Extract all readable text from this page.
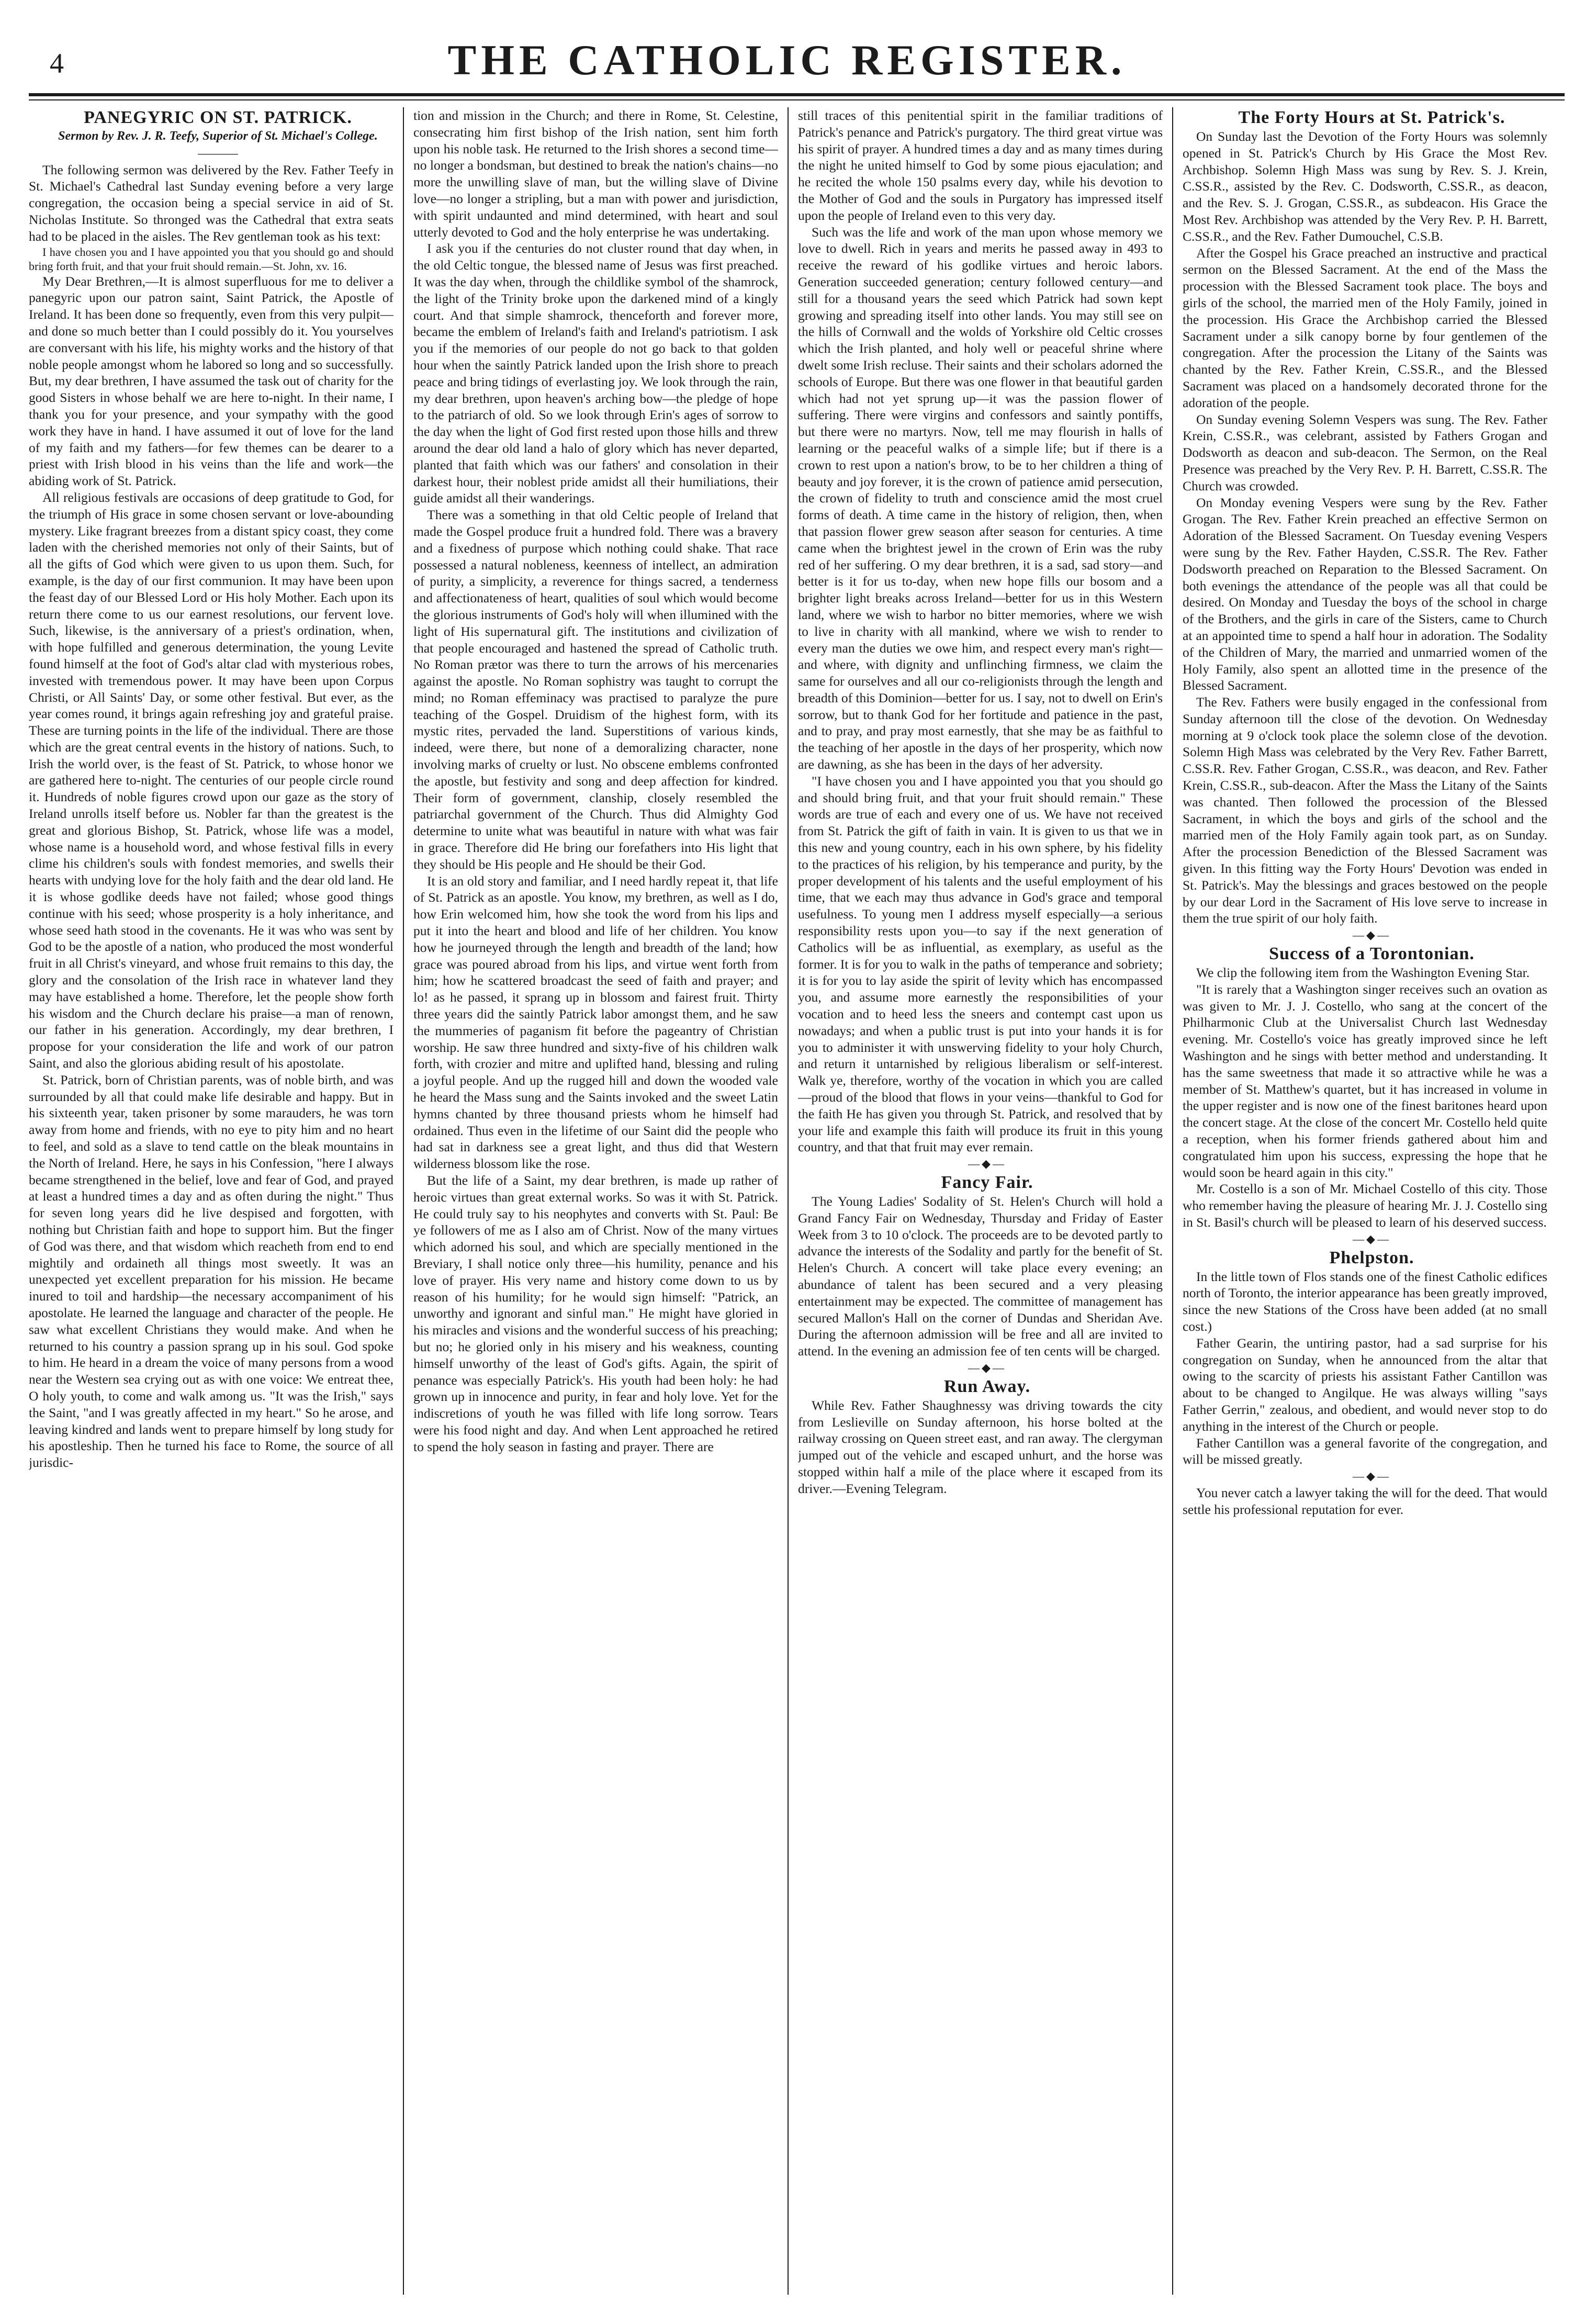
4	THE CATHOLIC REGISTER.

PANEGYRIC ON ST. PATRICK.

Sermon by Rev. J. R. Teefy, Superior of St. Michael's College.

———

The following sermon was delivered by the Rev. Father Teefy in St. Michael's Cathedral last Sunday evening before a very large congregation, the occasion being a special service in aid of St. Nicholas Institute. So thronged was the Cathedral that extra seats had to be placed in the aisles. The Rev gentleman took as his text:

I have chosen you and I have appointed you that you should go and should bring forth fruit, and that your fruit should remain.—St. John, xv. 16.

My Dear Brethren,—It is almost superfluous for me to deliver a panegyric upon our patron saint, Saint Patrick, the Apostle of Ireland. It has been done so frequently, even from this very pulpit—and done so much better than I could possibly do it. You yourselves are conversant with his life, his mighty works and the history of that noble people amongst whom he labored so long and so successfully. But, my dear brethren, I have assumed the task out of charity for the good Sisters in whose behalf we are here to-night. In their name, I thank you for your presence, and your sympathy with the good work they have in hand. I have assumed it out of love for the land of my faith and my fathers—for few themes can be dearer to a priest with Irish blood in his veins than the life and work—the abiding work of St. Patrick.

All religious festivals are occasions of deep gratitude to God, for the triumph of His grace in some chosen servant or love-abounding mystery. Like fragrant breezes from a distant spicy coast, they come laden with the cherished memories not only of their Saints, but of all the gifts of God which were given to us upon them. Such, for example, is the day of our first communion. It may have been upon the feast day of our Blessed Lord or His holy Mother. Each upon its return there come to us our earnest resolutions, our fervent love. Such, likewise, is the anniversary of a priest's ordination, when, with hope fulfilled and generous determination, the young Levite found himself at the foot of God's altar clad with mysterious robes, invested with tremendous power. It may have been upon Corpus Christi, or All Saints' Day, or some other festival. But ever, as the year comes round, it brings again refreshing joy and grateful praise. These are turning points in the life of the individual. There are those which are the great central events in the history of nations. Such, to Irish the world over, is the feast of St. Patrick, to whose honor we are gathered here to-night. The centuries of our people circle round it. Hundreds of noble figures crowd upon our gaze as the story of Ireland unrolls itself before us. Nobler far than the greatest is the great and glorious Bishop, St. Patrick, whose life was a model, whose name is a household word, and whose festival fills in every clime his children's souls with fondest memories, and swells their hearts with undying love for the holy faith and the dear old land. He it is whose godlike deeds have not failed; whose good things continue with his seed; whose prosperity is a holy inheritance, and whose seed hath stood in the covenants. He it was who was sent by God to be the apostle of a nation, who produced the most wonderful fruit in all Christ's vineyard, and whose fruit remains to this day, the glory and the consolation of the Irish race in whatever land they may have established a home. Therefore, let the people show forth his wisdom and the Church declare his praise—a man of renown, our father in his generation. Accordingly, my dear brethren, I propose for your consideration the life and work of our patron Saint, and also the glorious abiding result of his apostolate.

St. Patrick, born of Christian parents, was of noble birth, and was surrounded by all that could make life desirable and happy. But in his sixteenth year, taken prisoner by some marauders, he was torn away from home and friends, with no eye to pity him and no heart to feel, and sold as a slave to tend cattle on the bleak mountains in the North of Ireland. Here, he says in his Confession, "here I always became strengthened in the belief, love and fear of God, and prayed at least a hundred times a day and as often during the night." Thus for seven long years did he live despised and forgotten, with nothing but Christian faith and hope to support him. But the finger of God was there, and that wisdom which reacheth from end to end mightily and ordaineth all things most sweetly. It was an unexpected yet excellent preparation for his mission. He became inured to toil and hardship—the necessary accompaniment of his apostolate. He learned the language and character of the people. He saw what excellent Christians they would make. And when he returned to his country a passion sprang up in his soul. God spoke to him. He heard in a dream the voice of many persons from a wood near the Western sea crying out as with one voice: We entreat thee, O holy youth, to come and walk among us. "It was the Irish," says the Saint, "and I was greatly affected in my heart." So he arose, and leaving kindred and lands went to prepare himself by long study for his apostleship. Then he turned his face to Rome, the source of all jurisdic-

tion and mission in the Church; and there in Rome, St. Celestine, consecrating him first bishop of the Irish nation, sent him forth upon his noble task. He returned to the Irish shores a second time—no longer a bondsman, but destined to break the nation's chains—no more the unwilling slave of man, but the willing slave of Divine love—no longer a stripling, but a man with power and jurisdiction, with spirit undaunted and mind determined, with heart and soul utterly devoted to God and the holy enterprise he was undertaking.

I ask you if the centuries do not cluster round that day when, in the old Celtic tongue, the blessed name of Jesus was first preached. It was the day when, through the childlike symbol of the shamrock, the light of the Trinity broke upon the darkened mind of a kingly court. And that simple shamrock, thenceforth and forever more, became the emblem of Ireland's faith and Ireland's patriotism. I ask you if the memories of our people do not go back to that golden hour when the saintly Patrick landed upon the Irish shore to preach peace and bring tidings of everlasting joy. We look through the rain, my dear brethren, upon heaven's arching bow—the pledge of hope to the patriarch of old. So we look through Erin's ages of sorrow to the day when the light of God first rested upon those hills and threw around the dear old land a halo of glory which has never departed, planted that faith which was our fathers' and consolation in their darkest hour, their noblest pride amidst all their humiliations, their guide amidst all their wanderings.

There was a something in that old Celtic people of Ireland that made the Gospel produce fruit a hundred fold. There was a bravery and a fixedness of purpose which nothing could shake. That race possessed a natural nobleness, keenness of intellect, an admiration of purity, a simplicity, a reverence for things sacred, a tenderness and affectionateness of heart, qualities of soul which would become the glorious instruments of God's holy will when illumined with the light of His supernatural gift. The institutions and civilization of that people encouraged and hastened the spread of Catholic truth. No Roman prætor was there to turn the arrows of his mercenaries against the apostle. No Roman sophistry was taught to corrupt the mind; no Roman effeminacy was practised to paralyze the pure teaching of the Gospel. Druidism of the highest form, with its mystic rites, pervaded the land. Superstitions of various kinds, indeed, were there, but none of a demoralizing character, none involving marks of cruelty or lust. No obscene emblems confronted the apostle, but festivity and song and deep affection for kindred. Their form of government, clanship, closely resembled the patriarchal government of the Church. Thus did Almighty God determine to unite what was beautiful in nature with what was fair in grace. Therefore did He bring our forefathers into His light that they should be His people and He should be their God.

It is an old story and familiar, and I need hardly repeat it, that life of St. Patrick as an apostle. You know, my brethren, as well as I do, how Erin welcomed him, how she took the word from his lips and put it into the heart and blood and life of her children. You know how he journeyed through the length and breadth of the land; how grace was poured abroad from his lips, and virtue went forth from him; how he scattered broadcast the seed of faith and prayer; and lo! as he passed, it sprang up in blossom and fairest fruit. Thirty three years did the saintly Patrick labor amongst them, and he saw the mummeries of paganism fit before the pageantry of Christian worship. He saw three hundred and sixty-five of his children walk forth, with crozier and mitre and uplifted hand, blessing and ruling a joyful people. And up the rugged hill and down the wooded vale he heard the Mass sung and the Saints invoked and the sweet Latin hymns chanted by three thousand priests whom he himself had ordained. Thus even in the lifetime of our Saint did the people who had sat in darkness see a great light, and thus did that Western wilderness blossom like the rose.

But the life of a Saint, my dear brethren, is made up rather of heroic virtues than great external works. So was it with St. Patrick. He could truly say to his neophytes and converts with St. Paul: Be ye followers of me as I also am of Christ. Now of the many virtues which adorned his soul, and which are specially mentioned in the Breviary, I shall notice only three—his humility, penance and his love of prayer. His very name and history come down to us by reason of his humility; for he would sign himself: "Patrick, an unworthy and ignorant and sinful man." He might have gloried in his miracles and visions and the wonderful success of his preaching; but no; he gloried only in his misery and his weakness, counting himself unworthy of the least of God's gifts. Again, the spirit of penance was especially Patrick's. His youth had been holy: he had grown up in innocence and purity, in fear and holy love. Yet for the indiscretions of youth he was filled with life long sorrow. Tears were his food night and day. And when Lent approached he retired to spend the holy season in fasting and prayer. There are

still traces of this penitential spirit in the familiar traditions of Patrick's penance and Patrick's purgatory. The third great virtue was his spirit of prayer. A hundred times a day and as many times during the night he united himself to God by some pious ejaculation; and he recited the whole 150 psalms every day, while his devotion to the Mother of God and the souls in Purgatory has impressed itself upon the people of Ireland even to this very day.

Such was the life and work of the man upon whose memory we love to dwell. Rich in years and merits he passed away in 493 to receive the reward of his godlike virtues and heroic labors. Generation succeeded generation; century followed century—and still for a thousand years the seed which Patrick had sown kept growing and spreading itself into other lands. You may still see on the hills of Cornwall and the wolds of Yorkshire old Celtic crosses which the Irish planted, and holy well or peaceful shrine where dwelt some Irish recluse. Their saints and their scholars adorned the schools of Europe. But there was one flower in that beautiful garden which had not yet sprung up—it was the passion flower of suffering. There were virgins and confessors and saintly pontiffs, but there were no martyrs. Now, tell me may flourish in halls of learning or the peaceful walks of a simple life; but if there is a crown to rest upon a nation's brow, to be to her children a thing of beauty and joy forever, it is the crown of patience amid persecution, the crown of fidelity to truth and conscience amid the most cruel forms of death. A time came in the history of religion, then, when that passion flower grew season after season for centuries. A time came when the brightest jewel in the crown of Erin was the ruby red of her suffering. O my dear brethren, it is a sad, sad story—and better is it for us to-day, when new hope fills our bosom and a brighter light breaks across Ireland—better for us in this Western land, where we wish to harbor no bitter memories, where we wish to live in charity with all mankind, where we wish to render to every man the duties we owe him, and respect every man's right—and where, with dignity and unflinching firmness, we claim the same for ourselves and all our co-religionists through the length and breadth of this Dominion—better for us. I say, not to dwell on Erin's sorrow, but to thank God for her fortitude and patience in the past, and to pray, and pray most earnestly, that she may be as faithful to the teaching of her apostle in the days of her prosperity, which now are dawning, as she has been in the days of her adversity.

"I have chosen you and I have appointed you that you should go and should bring fruit, and that your fruit should remain." These words are true of each and every one of us. We have not received from St. Patrick the gift of faith in vain. It is given to us that we in this new and young country, each in his own sphere, by his fidelity to the practices of his religion, by his temperance and purity, by the proper development of his talents and the useful employment of his time, that we each may thus advance in God's grace and temporal usefulness. To young men I address myself especially—a serious responsibility rests upon you—to say if the next generation of Catholics will be as influential, as exemplary, as useful as the former. It is for you to walk in the paths of temperance and sobriety; it is for you to lay aside the spirit of levity which has encompassed you, and assume more earnestly the responsibilities of your vocation and to heed less the sneers and contempt cast upon us nowadays; and when a public trust is put into your hands it is for you to administer it with unswerving fidelity to your holy Church, and return it untarnished by religious liberalism or self-interest. Walk ye, therefore, worthy of the vocation in which you are called—proud of the blood that flows in your veins—thankful to God for the faith He has given you through St. Patrick, and resolved that by your life and example this faith will produce its fruit in this young country, and that that fruit may ever remain.

—◆—

Fancy Fair.

The Young Ladies' Sodality of St. Helen's Church will hold a Grand Fancy Fair on Wednesday, Thursday and Friday of Easter Week from 3 to 10 o'clock. The proceeds are to be devoted partly to advance the interests of the Sodality and partly for the benefit of St. Helen's Church. A concert will take place every evening; an abundance of talent has been secured and a very pleasing entertainment may be expected. The committee of management has secured Mallon's Hall on the corner of Dundas and Sheridan Ave. During the afternoon admission will be free and all are invited to attend. In the evening an admission fee of ten cents will be charged.

—◆—

Run Away.

While Rev. Father Shaughnessy was driving towards the city from Leslieville on Sunday afternoon, his horse bolted at the railway crossing on Queen street east, and ran away. The clergyman jumped out of the vehicle and escaped unhurt, and the horse was stopped within half a mile of the place where it escaped from its driver.—Evening Telegram.

The Forty Hours at St. Patrick's.

On Sunday last the Devotion of the Forty Hours was solemnly opened in St. Patrick's Church by His Grace the Most Rev. Archbishop. Solemn High Mass was sung by Rev. S. J. Krein, C.SS.R., assisted by the Rev. C. Dodsworth, C.SS.R., as deacon, and the Rev. S. J. Grogan, C.SS.R., as subdeacon. His Grace the Most Rev. Archbishop was attended by the Very Rev. P. H. Barrett, C.SS.R., and the Rev. Father Dumouchel, C.S.B.

After the Gospel his Grace preached an instructive and practical sermon on the Blessed Sacrament. At the end of the Mass the procession with the Blessed Sacrament took place. The boys and girls of the school, the married men of the Holy Family, joined in the procession. His Grace the Archbishop carried the Blessed Sacrament under a silk canopy borne by four gentlemen of the congregation. After the procession the Litany of the Saints was chanted by the Rev. Father Krein, C.SS.R., and the Blessed Sacrament was placed on a handsomely decorated throne for the adoration of the people.

On Sunday evening Solemn Vespers was sung. The Rev. Father Krein, C.SS.R., was celebrant, assisted by Fathers Grogan and Dodsworth as deacon and sub-deacon. The Sermon, on the Real Presence was preached by the Very Rev. P. H. Barrett, C.SS.R. The Church was crowded.

On Monday evening Vespers were sung by the Rev. Father Grogan. The Rev. Father Krein preached an effective Sermon on Adoration of the Blessed Sacrament. On Tuesday evening Vespers were sung by the Rev. Father Hayden, C.SS.R. The Rev. Father Dodsworth preached on Reparation to the Blessed Sacrament. On both evenings the attendance of the people was all that could be desired. On Monday and Tuesday the boys of the school in charge of the Brothers, and the girls in care of the Sisters, came to Church at an appointed time to spend a half hour in adoration. The Sodality of the Children of Mary, the married and unmarried women of the Holy Family, also spent an allotted time in the presence of the Blessed Sacrament.

The Rev. Fathers were busily engaged in the confessional from Sunday afternoon till the close of the devotion. On Wednesday morning at 9 o'clock took place the solemn close of the devotion. Solemn High Mass was celebrated by the Very Rev. Father Barrett, C.SS.R. Rev. Father Grogan, C.SS.R., was deacon, and Rev. Father Krein, C.SS.R., sub-deacon. After the Mass the Litany of the Saints was chanted. Then followed the procession of the Blessed Sacrament, in which the boys and girls of the school and the married men of the Holy Family again took part, as on Sunday. After the procession Benediction of the Blessed Sacrament was given. In this fitting way the Forty Hours' Devotion was ended in St. Patrick's. May the blessings and graces bestowed on the people by our dear Lord in the Sacrament of His love serve to increase in them the true spirit of our holy faith.

—◆—

Success of a Torontonian.

We clip the following item from the Washington Evening Star.

"It is rarely that a Washington singer receives such an ovation as was given to Mr. J. J. Costello, who sang at the concert of the Philharmonic Club at the Universalist Church last Wednesday evening. Mr. Costello's voice has greatly improved since he left Washington and he sings with better method and understanding. It has the same sweetness that made it so attractive while he was a member of St. Matthew's quartet, but it has increased in volume in the upper register and is now one of the finest baritones heard upon the concert stage. At the close of the concert Mr. Costello held quite a reception, when his former friends gathered about him and congratulated him upon his success, expressing the hope that he would soon be heard again in this city."

Mr. Costello is a son of Mr. Michael Costello of this city. Those who remember having the pleasure of hearing Mr. J. J. Costello sing in St. Basil's church will be pleased to learn of his deserved success.

—◆—

Phelpston.

In the little town of Flos stands one of the finest Catholic edifices north of Toronto, the interior appearance has been greatly improved, since the new Stations of the Cross have been added (at no small cost.)

Father Gearin, the untiring pastor, had a sad surprise for his congregation on Sunday, when he announced from the altar that owing to the scarcity of priests his assistant Father Cantillon was about to be changed to Angilque. He was always willing "says Father Gerrin," zealous, and obedient, and would never stop to do anything in the interest of the Church or people.

Father Cantillon was a general favorite of the congregation, and will be missed greatly.

—◆—

You never catch a lawyer taking the will for the deed. That would settle his professional reputation for ever.
